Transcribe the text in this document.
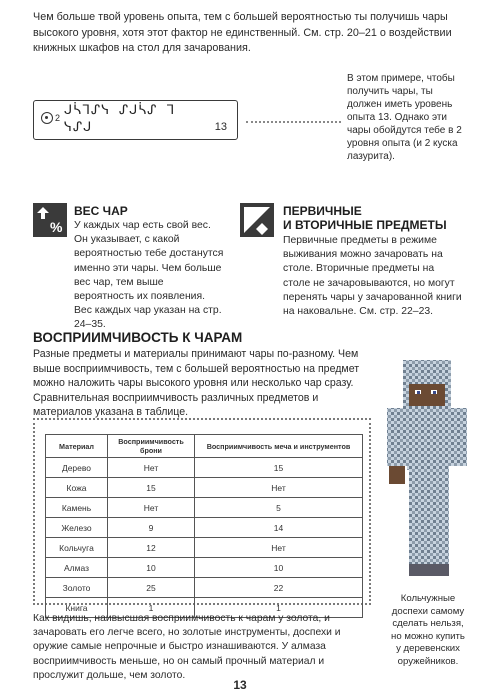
Чем больше твой уровень опыта, тем с большей вероятностью ты получишь чары высокого уровня, хотя этот фактор не единственный. См. стр. 20–21 о воздействии книжных шкафов на стол для зачарования.
2 ᒍᓵᒣᔑᓭ ᔑᒍᓵᔑ ᒣ
ᓭᔑᒍ	13
В этом примере, чтобы получить чары, ты должен иметь уровень опыта 13. Однако эти чары обойдутся тебе в 2 уровня опыта (и 2 куска лазурита).
%
ВЕС ЧАР
У каждых чар есть свой вес. Он указывает, с какой вероятностью тебе достанутся именно эти чары. Чем больше вес чар, тем выше вероятность их появления. Вес каждых чар указан на стр. 24–35.
ПЕРВИЧНЫЕ
И ВТОРИЧНЫЕ ПРЕДМЕТЫ
Первичные предметы в режиме выживания можно зачаровать на столе. Вторичные предметы на столе не зачаровываются, но могут перенять чары у зачарованной книги на наковальне. См. стр. 22–23.
ВОСПРИИМЧИВОСТЬ К ЧАРАМ
Разные предметы и материалы принимают чары по-разному. Чем выше восприимчивость, тем с большей вероятностью на предмет можно наложить чары высокого уровня или несколько чар сразу. Сравнительная восприимчивость различных предметов и материалов указана в таблице.
Материал	Восприимчивость брони	Восприимчивость меча и инструментов
Дерево	Нет	15
Кожа	15	Нет
Камень	Нет	5
Железо	9	14
Кольчуга	12	Нет
Алмаз	10	10
Золото	25	22
Книга	1	1
Как видишь, наивысшая восприимчивость к чарам у золота, и зачаровать его легче всего, но золотые инструменты, доспехи и оружие самые непрочные и быстро изнашиваются. У алмаза восприимчивость меньше, но он самый прочный материал и прослужит дольше, чем золото.
Кольчужные доспехи самому сделать нельзя, но можно купить у деревенских оружейников.
13
